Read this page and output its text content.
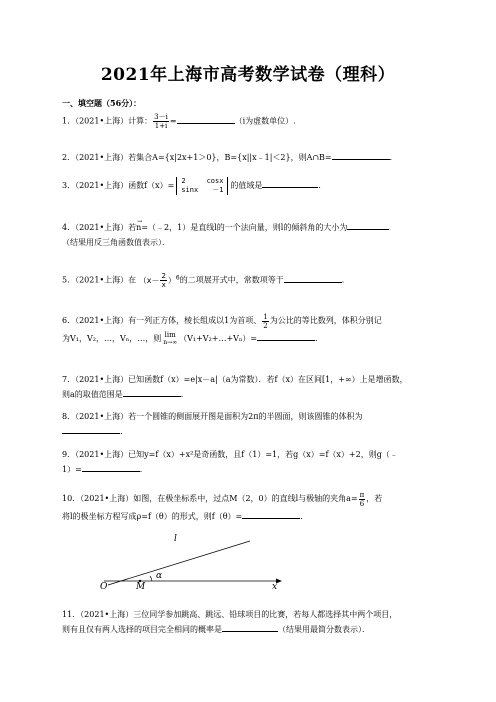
2021年上海市高考数学试卷（理科）
一、填空题（56分）：
1．（2021•上海）计算： $\frac{3-i}{1+i}$ =	（i为虚数单位）.
2．（2021•上海）若集合A={x|2x+1＞0}，B={x||x﹣1|＜2}，则A∩B=	．
3．（2021•上海）函数f（x）= 2	cosx
sinx －1 的值域是	．
4．（2021•上海）若
→
n=（﹣2，1）是直线l的一个法向量，则l的倾斜角的大小为
（结果用反三角函数值表示）．
5．（2021•上海）在 $(x- \frac{2}{x} )^6$的二项展开式中，常数项等于	．
6．（2021•上海）有一列正方体，棱长组成以1为首项、 $\frac{1}{2}$ 为公比的等比数列，体积分别记
为V₁，V₂，…，Vₙ，…，则 lim
n→∞ （V₁+V₂+…+Vₙ）=	．
7．（2021•上海）已知函数f（x）=e|x－a|（a为常数）．若f（x）在区间[1，+∞）上是增函数，
则a的取值范围是	．
8．（2021•上海）若一个圆锥的侧面展开图是面积为2π的半圆面，则该圆锥的体积为
．
9．（2021•上海）已知y=f（x）+x²是奇函数，且f（1）=1，若g（x）=f（x）+2，则g（﹣
1）=	．
10．（2021•上海）如图，在极坐标系中，过点M（2，0）的直线l与极轴的夹角$a= \frac{\pi}{6}$ ，若
将l的极坐标方程写成ρ=f（θ）的形式，则f（θ）=	．
l
O	M
α
x
11．（2021•上海）三位同学参加跳高、跳远、铅球项目的比赛，若每人都选择其中两个项目，
则有且仅有两人选择的项目完全相同的概率是	（结果用最简分数表示）．
